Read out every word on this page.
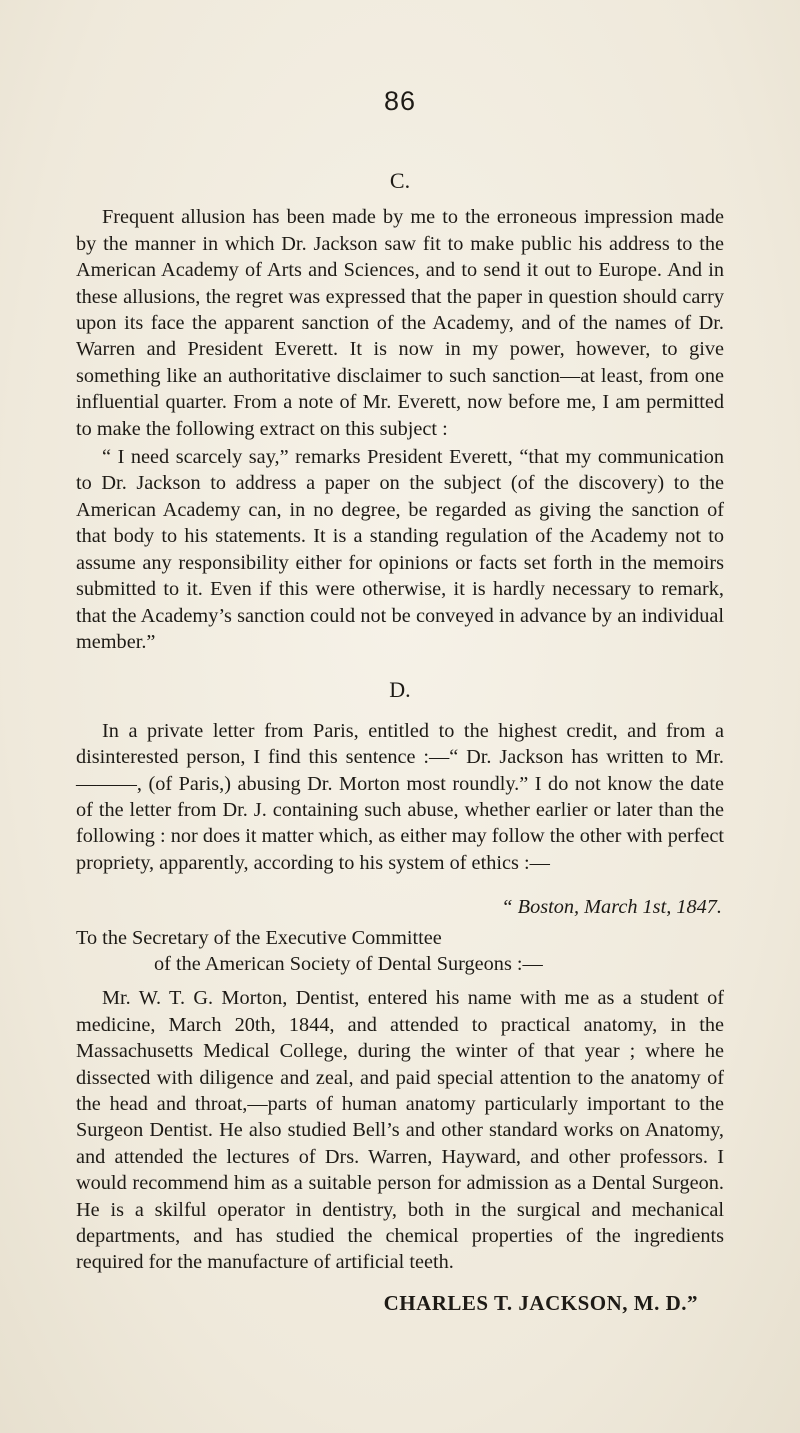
86
C.

Frequent allusion has been made by me to the erroneous impression made by the manner in which Dr. Jackson saw fit to make public his address to the American Academy of Arts and Sciences, and to send it out to Europe. And in these allusions, the regret was expressed that the paper in question should carry upon its face the apparent sanction of the Academy, and of the names of Dr. Warren and President Everett. It is now in my power, however, to give something like an authoritative disclaimer to such sanction—at least, from one influential quarter. From a note of Mr. Everett, now before me, I am permitted to make the following extract on this subject :

“ I need scarcely say,” remarks President Everett, “that my communication to Dr. Jackson to address a paper on the subject (of the discovery) to the American Academy can, in no degree, be regarded as giving the sanction of that body to his statements. It is a standing regulation of the Academy not to assume any responsibility either for opinions or facts set forth in the memoirs submitted to it. Even if this were otherwise, it is hardly necessary to remark, that the Academy’s sanction could not be conveyed in advance by an individual member.”

D.

In a private letter from Paris, entitled to the highest credit, and from a disinterested person, I find this sentence :—“ Dr. Jackson has written to Mr. ———, (of Paris,) abusing Dr. Morton most roundly.” I do not know the date of the letter from Dr. J. containing such abuse, whether earlier or later than the following : nor does it matter which, as either may follow the other with perfect propriety, apparently, according to his system of ethics :—

“ Boston, March 1st, 1847.

To the Secretary of the Executive Committee

of the American Society of Dental Surgeons :—

Mr. W. T. G. Morton, Dentist, entered his name with me as a student of medicine, March 20th, 1844, and attended to practical anatomy, in the Massachusetts Medical College, during the winter of that year ; where he dissected with diligence and zeal, and paid special attention to the anatomy of the head and throat,—parts of human anatomy particularly important to the Surgeon Dentist. He also studied Bell’s and other standard works on Anatomy, and attended the lectures of Drs. Warren, Hayward, and other professors. I would recommend him as a suitable person for admission as a Dental Surgeon. He is a skilful operator in dentistry, both in the surgical and mechanical departments, and has studied the chemical properties of the ingredients required for the manufacture of artificial teeth.

CHARLES T. JACKSON, M. D.”
